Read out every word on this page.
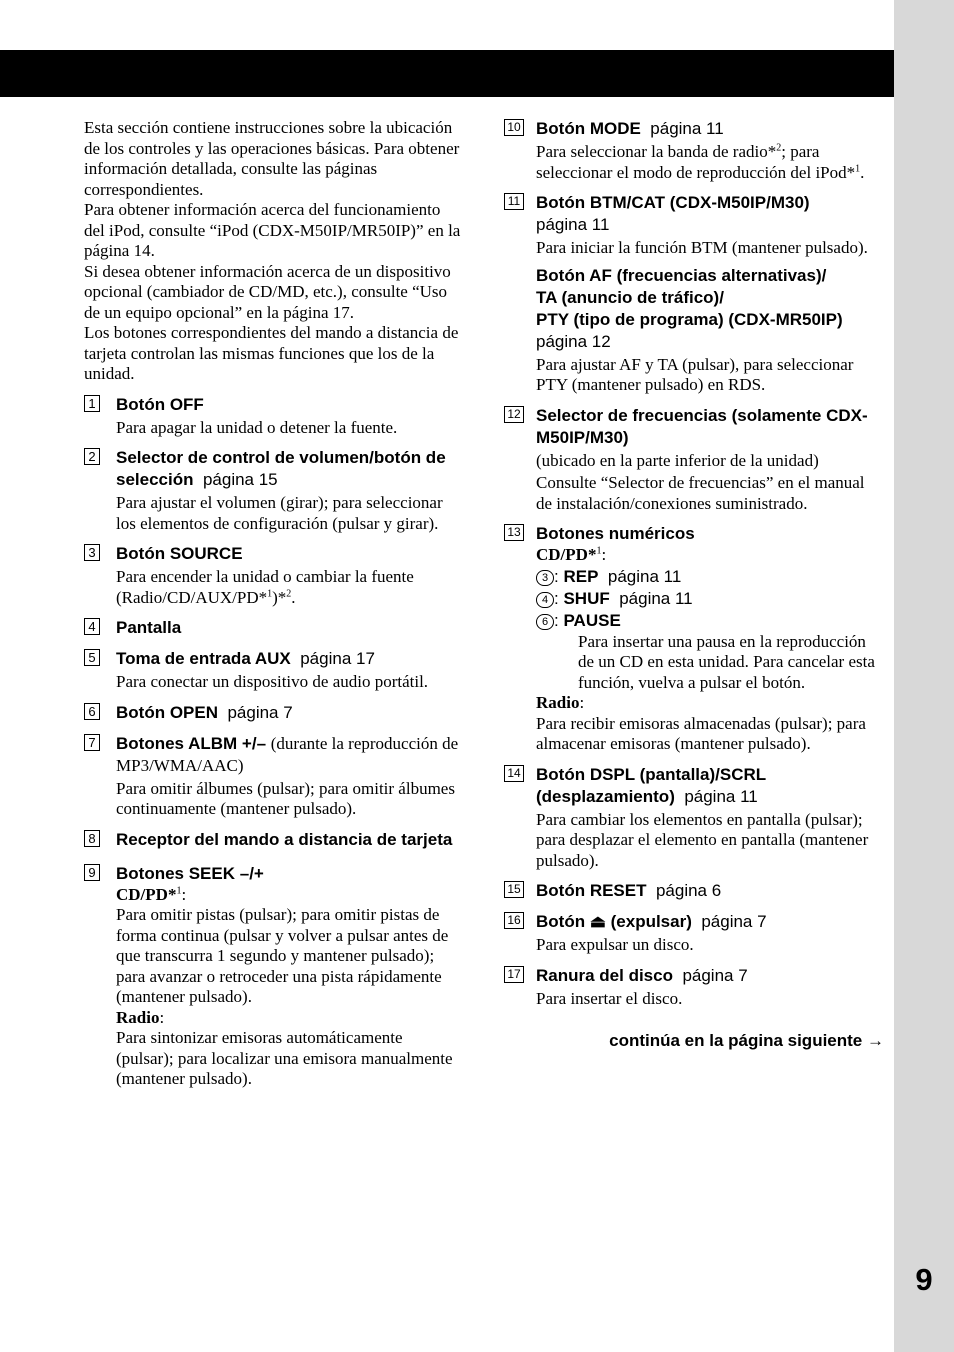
9

Esta sección contiene instrucciones sobre la ubicación de los controles y las operaciones básicas. Para obtener información detallada, consulte las páginas correspondientes.

Para obtener información acerca del funcionamiento del iPod, consulte “iPod (CDX-M50IP/MR50IP)” en la página 14.

Si desea obtener información acerca de un dispositivo opcional (cambiador de CD/MD, etc.), consulte “Uso de un equipo opcional” en la página 17.

Los botones correspondientes del mando a distancia de tarjeta controlan las mismas funciones que los de la unidad.

1 Botón OFF
Para apagar la unidad o detener la fuente.
2 Selector de control de volumen/botón de selección página 15
Para ajustar el volumen (girar); para seleccionar los elementos de configuración (pulsar y girar).
3 Botón SOURCE
Para encender la unidad o cambiar la fuente (Radio/CD/AUX/PD*$^1$)*$^2$.
4 Pantalla
5 Toma de entrada AUX página 17
Para conectar un dispositivo de audio portátil.
6 Botón OPEN página 7
7 Botones ALBM +/– (durante la reproducción de MP3/WMA/AAC)
Para omitir álbumes (pulsar); para omitir álbumes continuamente (mantener pulsado).
8 Receptor del mando a distancia de tarjeta
9 Botones SEEK –/+
CD/PD*$^1$:
Para omitir pistas (pulsar); para omitir pistas de forma continua (pulsar y volver a pulsar antes de que transcurra 1 segundo y mantener pulsado); para avanzar o retroceder una pista rápidamente (mantener pulsado).
Radio:
Para sintonizar emisoras automáticamente (pulsar); para localizar una emisora manualmente (mantener pulsado).
10 Botón MODE página 11
Para seleccionar la banda de radio*$^2$; para seleccionar el modo de reproducción del iPod*$^1$.
11 Botón BTM/CAT (CDX-M50IP/M30)
página 11
Para iniciar la función BTM (mantener pulsado).
Botón AF (frecuencias alternativas)/
TA (anuncio de tráfico)/
PTY (tipo de programa) (CDX-MR50IP)
página 12
Para ajustar AF y TA (pulsar), para seleccionar PTY (mantener pulsado) en RDS.
12 Selector de frecuencias (solamente CDX-M50IP/M30)
(ubicado en la parte inferior de la unidad)
Consulte “Selector de frecuencias” en el manual de instalación/conexiones suministrado.
13 Botones numéricos
CD/PD*$^1$:
3 : REP página 11
4 : SHUF página 11
6 : PAUSE
Para insertar una pausa en la reproducción de un CD en esta unidad. Para cancelar esta función, vuelva a pulsar el botón.
Radio:
Para recibir emisoras almacenadas (pulsar); para almacenar emisoras (mantener pulsado).
14 Botón DSPL (pantalla)/SCRL (desplazamiento) página 11
Para cambiar los elementos en pantalla (pulsar); para desplazar el elemento en pantalla (mantener pulsado).
15 Botón RESET página 6
16 Botón ⏏ (expulsar) página 7
Para expulsar un disco.
17 Ranura del disco página 7
Para insertar el disco.
continúa en la página siguiente →
